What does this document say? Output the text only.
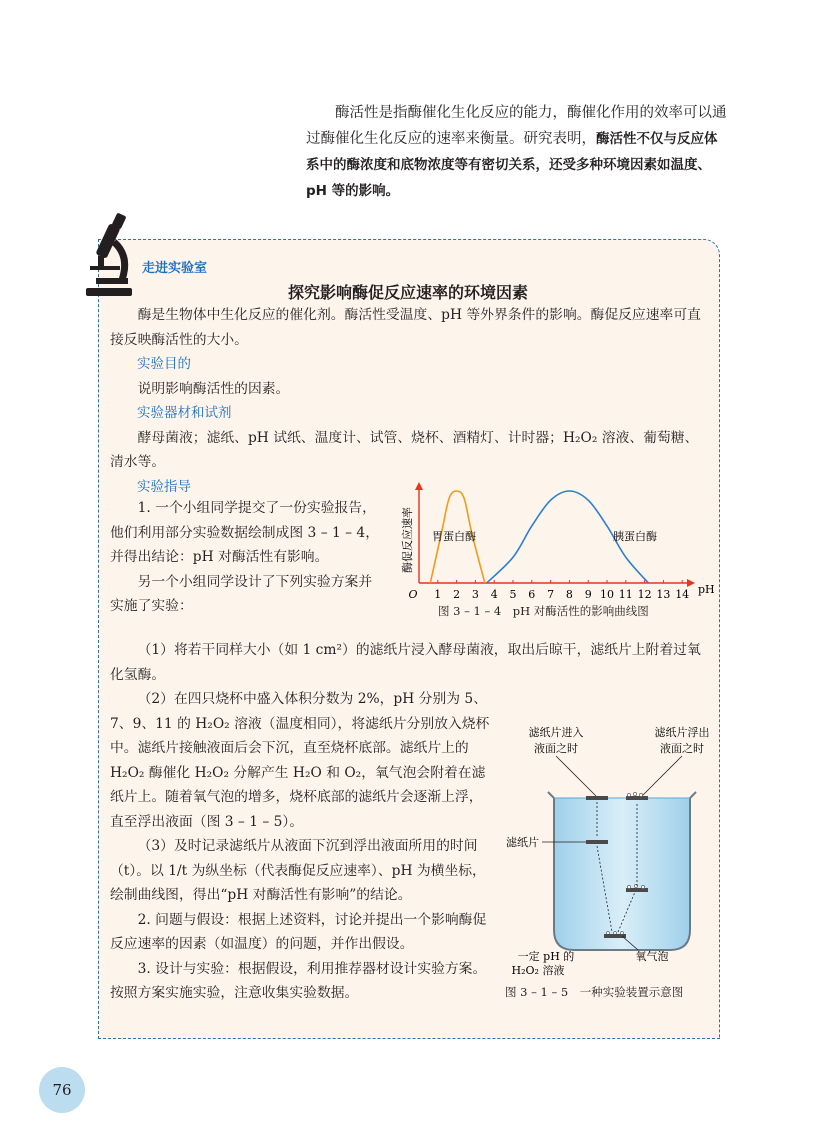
酶活性是指酶催化生化反应的能力，酶催化作用的效率可以通过酶催化生化反应的速率来衡量。研究表明，酶活性不仅与反应体系中的酶浓度和底物浓度等有密切关系，还受多种环境因素如温度、pH 等的影响。

走进实验室
探究影响酶促反应速率的环境因素

酶是生物体中生化反应的催化剂。酶活性受温度、pH 等外界条件的影响。酶促反应速率可直接反映酶活性的大小。

实验目的

说明影响酶活性的因素。

实验器材和试剂

酵母菌液；滤纸、pH 试纸、温度计、试管、烧杯、酒精灯、计时器；H₂O₂ 溶液、葡萄糖、清水等。

实验指导

1. 一个小组同学提交了一份实验报告，他们利用部分实验数据绘制成图 3 – 1 – 4，并得出结论：pH 对酶活性有影响。

另一个小组同学设计了下列实验方案并实施了实验：

酶促反应速率
O 1 2 3 4 5 6 7 8 9 10 11 12 13 14 pH
胃蛋白酶	胰蛋白酶
图 3 – 1 – 4　pH 对酶活性的影响曲线图

（1）将若干同样大小（如 1 cm²）的滤纸片浸入酵母菌液，取出后晾干，滤纸片上附着过氧化氢酶。

（2）在四只烧杯中盛入体积分数为 2%，pH 分别为 5、7、9、11 的 H₂O₂ 溶液（温度相同），将滤纸片分别放入烧杯中。滤纸片接触液面后会下沉，直至烧杯底部。滤纸片上的 H₂O₂ 酶催化 H₂O₂ 分解产生 H₂O 和 O₂，氧气泡会附着在滤纸片上。随着氧气泡的增多，烧杯底部的滤纸片会逐渐上浮，直至浮出液面（图 3 – 1 – 5）。

（3）及时记录滤纸片从液面下沉到浮出液面所用的时间（t）。以 1/t 为纵坐标（代表酶促反应速率）、pH 为横坐标，绘制曲线图，得出“pH 对酶活性有影响”的结论。

2. 问题与假设：根据上述资料，讨论并提出一个影响酶促反应速率的因素（如温度）的问题，并作出假设。

3. 设计与实验：根据假设，利用推荐器材设计实验方案。按照方案实施实验，注意收集实验数据。

滤纸片进入
液面之时
滤纸片浮出
液面之时
滤纸片
一定 pH 的
H₂O₂ 溶液
氧气泡
图 3 – 1 – 5　一种实验装置示意图
76
